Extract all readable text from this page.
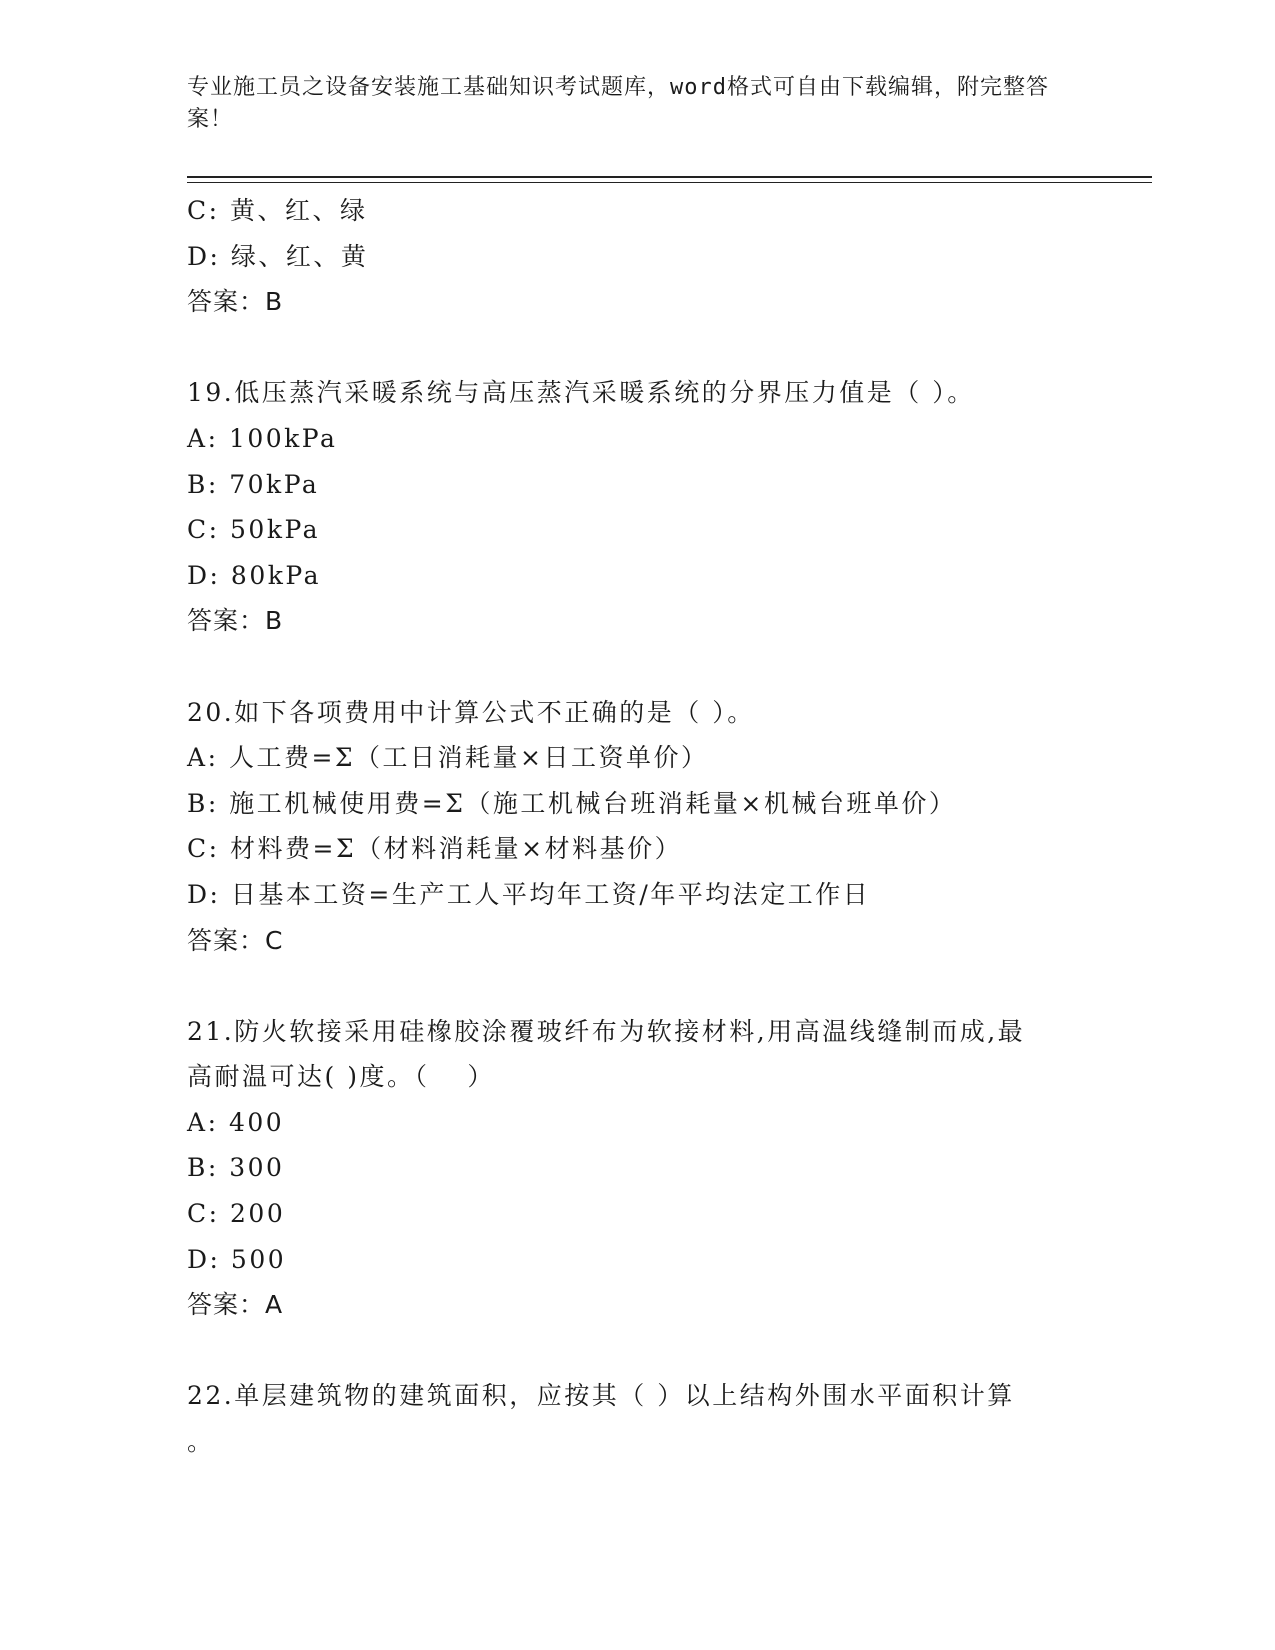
专业施工员之设备安装施工基础知识考试题库，word格式可自由下载编辑，附完整答案！
C: 黄、红、绿
D: 绿、红、黄
答案：B
19.低压蒸汽采暖系统与高压蒸汽采暖系统的分界压力值是（ ）。
A: 100kPa
B: 70kPa
C: 50kPa
D: 80kPa
答案：B
20.如下各项费用中计算公式不正确的是（ ）。
A: 人工费=Σ（工日消耗量×日工资单价）
B: 施工机械使用费=Σ（施工机械台班消耗量×机械台班单价）
C: 材料费=Σ（材料消耗量×材料基价）
D: 日基本工资=生产工人平均年工资/年平均法定工作日
答案：C
21.防火软接采用硅橡胶涂覆玻纤布为软接材料,用高温线缝制而成,最
高耐温可达( )度。（　 ）
A: 400
B: 300
C: 200
D: 500
答案：A
22.单层建筑物的建筑面积，应按其（ ）以上结构外围水平面积计算
。
